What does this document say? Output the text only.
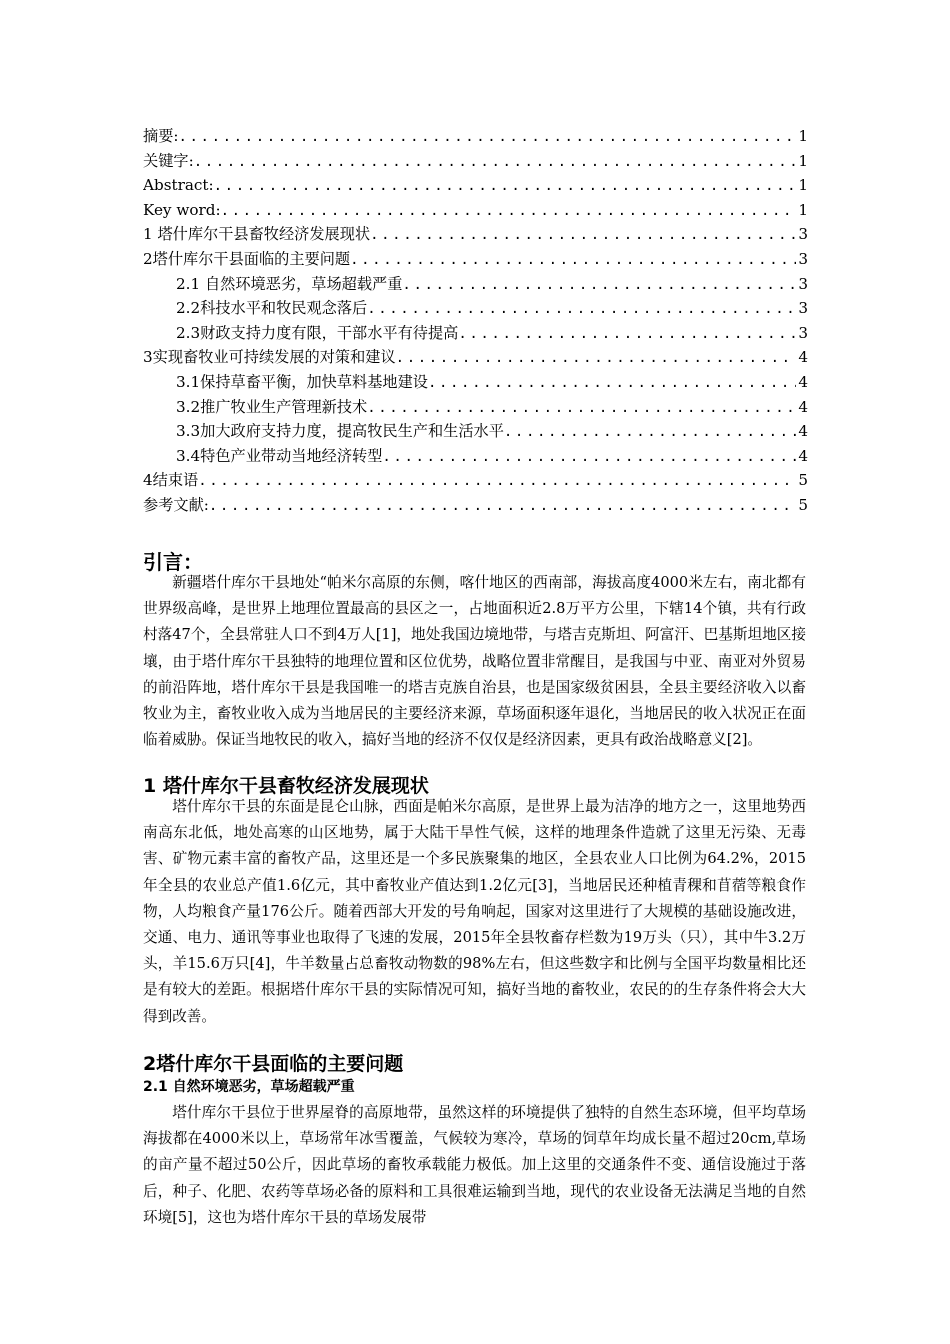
摘要: .....	1
关键字: .....	1
Abstract: .....	1
Key word: .....	1
1 塔什库尔干县畜牧经济发展现状 .....	3
2塔什库尔干县面临的主要问题 .....	3
2.1 自然环境恶劣，草场超载严重 .....	3
2.2科技水平和牧民观念落后 .....	3
2.3财政支持力度有限，干部水平有待提高 .....	3
3实现畜牧业可持续发展的对策和建议 .....	4
3.1保持草畜平衡，加快草料基地建设 .....	4
3.2推广牧业生产管理新技术 .....	4
3.3加大政府支持力度，提高牧民生产和生活水平 .....	4
3.4特色产业带动当地经济转型 .....	4
4结束语 .....	5
参考文献: .....	5
引言：

新疆塔什库尔干县地处“帕米尔高原的东侧，喀什地区的西南部，海拔高度4000米左右，南北都有世界级高峰，是世界上地理位置最高的县区之一，占地面积近2.8万平方公里，下辖14个镇，共有行政村落47个，全县常驻人口不到4万人[1]，地处我国边境地带，与塔吉克斯坦、阿富汗、巴基斯坦地区接壤，由于塔什库尔干县独特的地理位置和区位优势，战略位置非常醒目，是我国与中亚、南亚对外贸易的前沿阵地，塔什库尔干县是我国唯一的塔吉克族自治县，也是国家级贫困县，全县主要经济收入以畜牧业为主，畜牧业收入成为当地居民的主要经济来源，草场面积逐年退化，当地居民的收入状况正在面临着威胁。保证当地牧民的收入，搞好当地的经济不仅仅是经济因素，更具有政治战略意义[2]。

1 塔什库尔干县畜牧经济发展现状

塔什库尔干县的东面是昆仑山脉，西面是帕米尔高原，是世界上最为洁净的地方之一，这里地势西南高东北低，地处高寒的山区地势，属于大陆干旱性气候，这样的地理条件造就了这里无污染、无毒害、矿物元素丰富的畜牧产品，这里还是一个多民族聚集的地区，全县农业人口比例为64.2%，2015年全县的农业总产值1.6亿元，其中畜牧业产值达到1.2亿元[3]，当地居民还种植青稞和苜蓿等粮食作物，人均粮食产量176公斤。随着西部大开发的号角响起，国家对这里进行了大规模的基础设施改进，交通、电力、通讯等事业也取得了飞速的发展，2015年全县牧畜存栏数为19万头（只），其中牛3.2万头，羊15.6万只[4]，牛羊数量占总畜牧动物数的98%左右，但这些数字和比例与全国平均数量相比还是有较大的差距。根据塔什库尔干县的实际情况可知，搞好当地的畜牧业，农民的的生存条件将会大大得到改善。

2塔什库尔干县面临的主要问题
2.1 自然环境恶劣，草场超载严重

塔什库尔干县位于世界屋脊的高原地带，虽然这样的环境提供了独特的自然生态环境，但平均草场海拔都在4000米以上，草场常年冰雪覆盖，气候较为寒冷，草场的饲草年均成长量不超过20cm,草场的亩产量不超过50公斤，因此草场的畜牧承载能力极低。加上这里的交通条件不变、通信设施过于落后，种子、化肥、农药等草场必备的原料和工具很难运输到当地，现代的农业设备无法满足当地的自然环境[5]，这也为塔什库尔干县的草场发展带
